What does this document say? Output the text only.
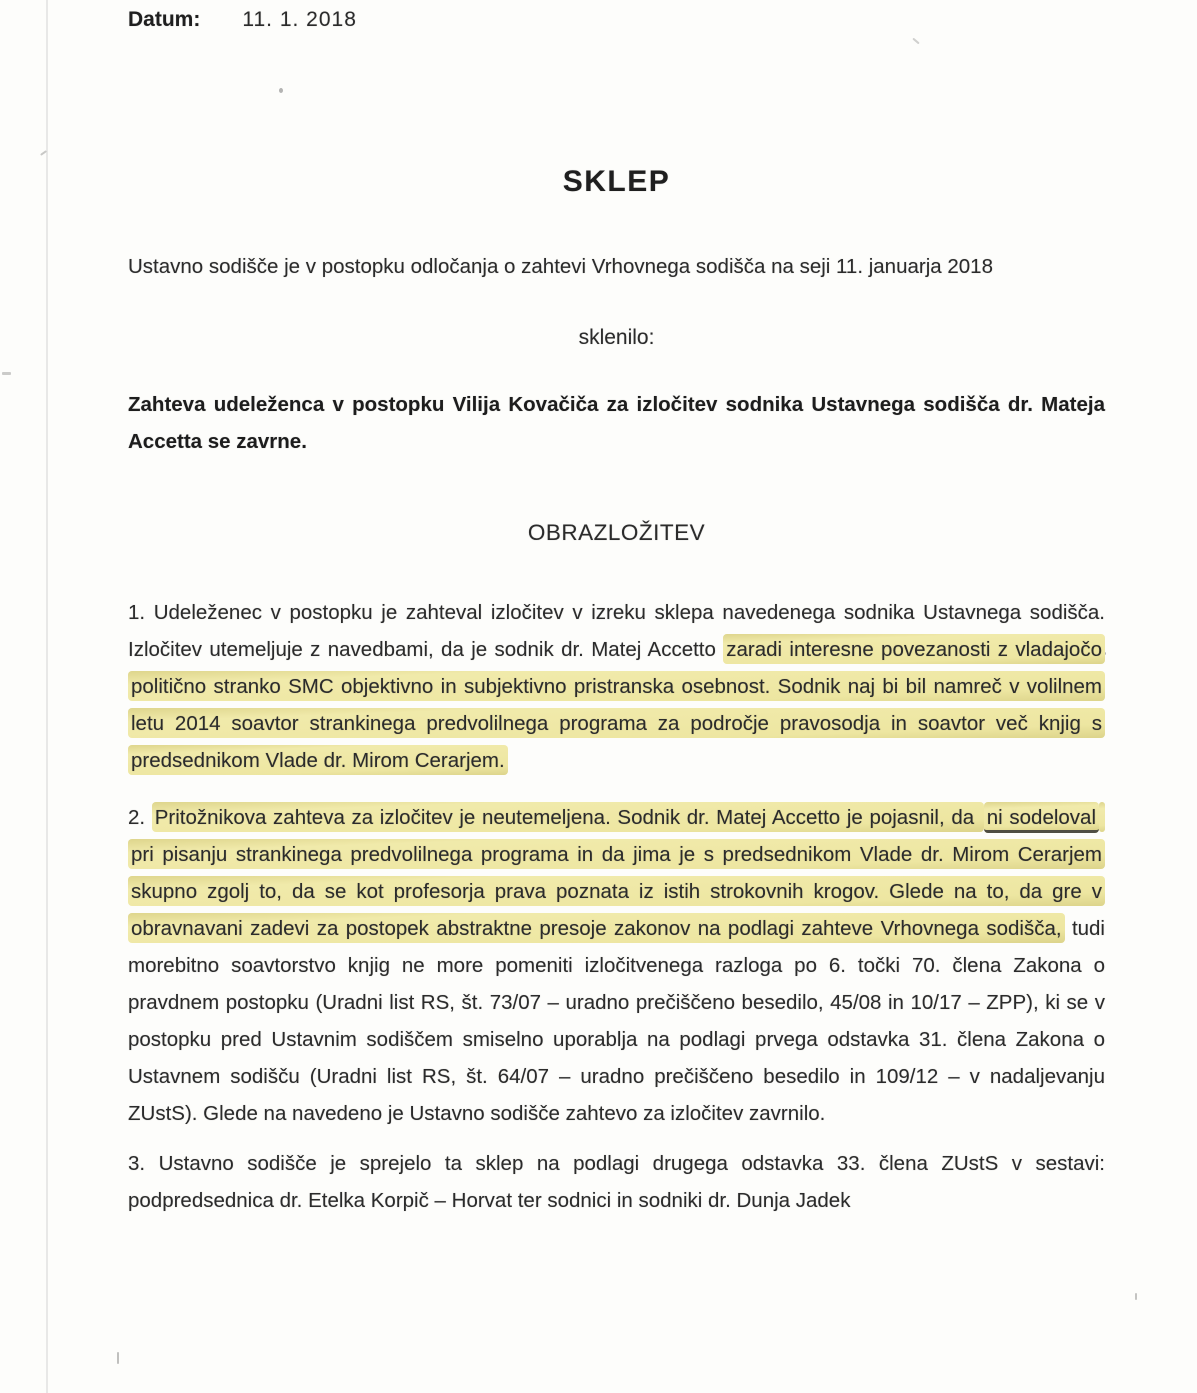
Datum: 11. 1. 2018
SKLEP

Ustavno sodišče je v postopku odločanja o zahtevi Vrhovnega sodišča na seji 11. januarja 2018

sklenilo:

Zahteva udeleženca v postopku Vilija Kovačiča za izločitev sodnika Ustavnega sodišča dr. Mateja Accetta se zavrne.

OBRAZLOŽITEV

1. Udeleženec v postopku je zahteval izločitev v izreku sklepa navedenega sodnika Ustavnega sodišča. Izločitev utemeljuje z navedbami, da je sodnik dr. Matej Accetto zaradi interesne povezanosti z vladajočo politično stranko SMC objektivno in subjektivno pristranska osebnost. Sodnik naj bi bil namreč v volilnem letu 2014 soavtor strankinega predvolilnega programa za področje pravosodja in soavtor več knjig s predsednikom Vlade dr. Mirom Cerarjem.

2. Pritožnikova zahteva za izločitev je neutemeljena. Sodnik dr. Matej Accetto je pojasnil, da ni sodeloval pri pisanju strankinega predvolilnega programa in da jima je s predsednikom Vlade dr. Mirom Cerarjem skupno zgolj to, da se kot profesorja prava poznata iz istih strokovnih krogov. Glede na to, da gre v obravnavani zadevi za postopek abstraktne presoje zakonov na podlagi zahteve Vrhovnega sodišča, tudi morebitno soavtorstvo knjig ne more pomeniti izločitvenega razloga po 6. točki 70. člena Zakona o pravdnem postopku (Uradni list RS, št. 73/07 – uradno prečiščeno besedilo, 45/08 in 10/17 – ZPP), ki se v postopku pred Ustavnim sodiščem smiselno uporablja na podlagi prvega odstavka 31. člena Zakona o Ustavnem sodišču (Uradni list RS, št. 64/07 – uradno prečiščeno besedilo in 109/12 – v nadaljevanju ZUstS). Glede na navedeno je Ustavno sodišče zahtevo za izločitev zavrnilo.

3. Ustavno sodišče je sprejelo ta sklep na podlagi drugega odstavka 33. člena ZUstS v sestavi: podpredsednica dr. Etelka Korpič – Horvat ter sodnici in sodniki dr. Dunja Jadek
